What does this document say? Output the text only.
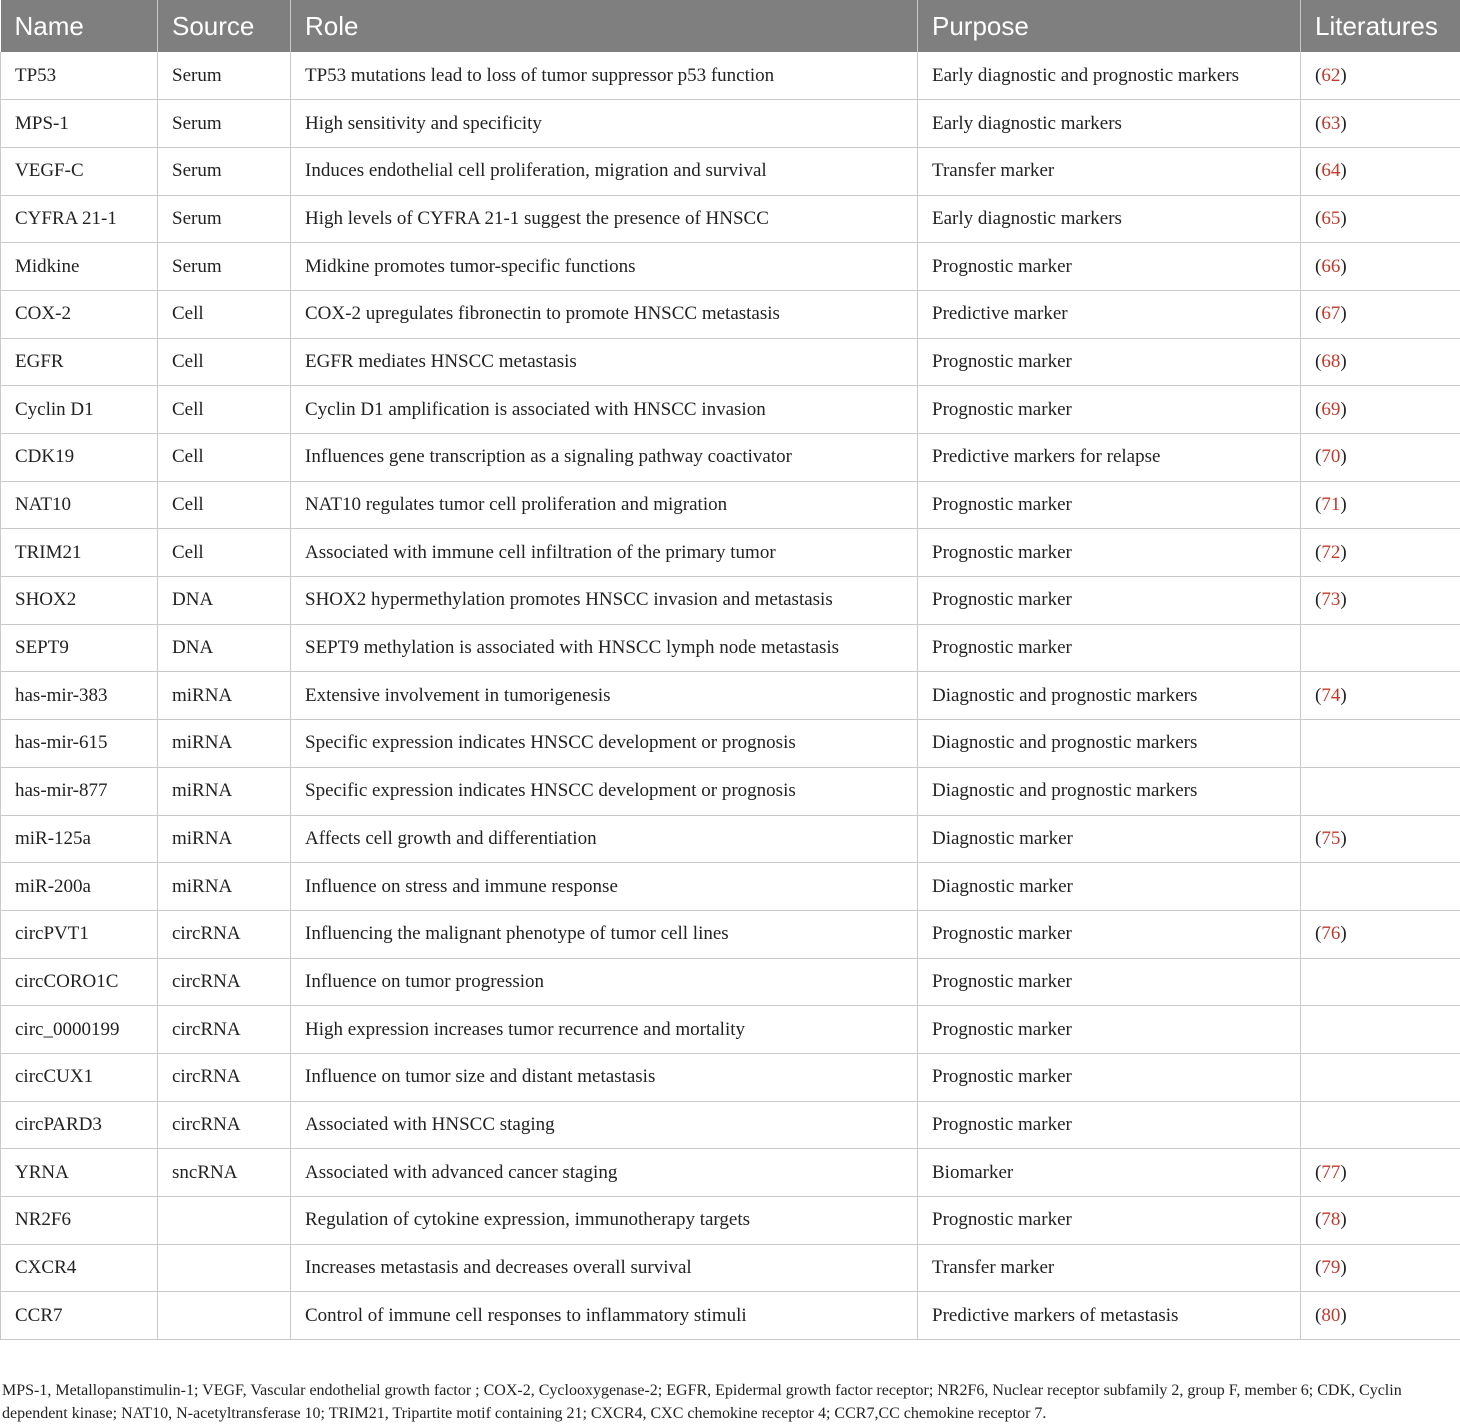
Name	Source	Role	Purpose	Literatures
TP53	Serum	TP53 mutations lead to loss of tumor suppressor p53 function	Early diagnostic and prognostic markers	(62)
MPS-1	Serum	High sensitivity and specificity	Early diagnostic markers	(63)
VEGF-C	Serum	Induces endothelial cell proliferation, migration and survival	Transfer marker	(64)
CYFRA 21-1	Serum	High levels of CYFRA 21-1 suggest the presence of HNSCC	Early diagnostic markers	(65)
Midkine	Serum	Midkine promotes tumor-specific functions	Prognostic marker	(66)
COX-2	Cell	COX-2 upregulates fibronectin to promote HNSCC metastasis	Predictive marker	(67)
EGFR	Cell	EGFR mediates HNSCC metastasis	Prognostic marker	(68)
Cyclin D1	Cell	Cyclin D1 amplification is associated with HNSCC invasion	Prognostic marker	(69)
CDK19	Cell	Influences gene transcription as a signaling pathway coactivator	Predictive markers for relapse	(70)
NAT10	Cell	NAT10 regulates tumor cell proliferation and migration	Prognostic marker	(71)
TRIM21	Cell	Associated with immune cell infiltration of the primary tumor	Prognostic marker	(72)
SHOX2	DNA	SHOX2 hypermethylation promotes HNSCC invasion and metastasis	Prognostic marker	(73)
SEPT9	DNA	SEPT9 methylation is associated with HNSCC lymph node metastasis	Prognostic marker	
has-mir-383	miRNA	Extensive involvement in tumorigenesis	Diagnostic and prognostic markers	(74)
has-mir-615	miRNA	Specific expression indicates HNSCC development or prognosis	Diagnostic and prognostic markers	
has-mir-877	miRNA	Specific expression indicates HNSCC development or prognosis	Diagnostic and prognostic markers	
miR-125a	miRNA	Affects cell growth and differentiation	Diagnostic marker	(75)
miR-200a	miRNA	Influence on stress and immune response	Diagnostic marker	
circPVT1	circRNA	Influencing the malignant phenotype of tumor cell lines	Prognostic marker	(76)
circCORO1C	circRNA	Influence on tumor progression	Prognostic marker	
circ_0000199	circRNA	High expression increases tumor recurrence and mortality	Prognostic marker	
circCUX1	circRNA	Influence on tumor size and distant metastasis	Prognostic marker	
circPARD3	circRNA	Associated with HNSCC staging	Prognostic marker	
YRNA	sncRNA	Associated with advanced cancer staging	Biomarker	(77)
NR2F6		Regulation of cytokine expression, immunotherapy targets	Prognostic marker	(78)
CXCR4		Increases metastasis and decreases overall survival	Transfer marker	(79)
CCR7		Control of immune cell responses to inflammatory stimuli	Predictive markers of metastasis	(80)
MPS-1, Metallopanstimulin-1; VEGF, Vascular endothelial growth factor ; COX-2, Cyclooxygenase-2; EGFR, Epidermal growth factor receptor; NR2F6, Nuclear receptor subfamily 2, group F, member 6; CDK, Cyclin dependent kinase; NAT10, N-acetyltransferase 10; TRIM21, Tripartite motif containing 21; CXCR4, CXC chemokine receptor 4; CCR7,CC chemokine receptor 7.
